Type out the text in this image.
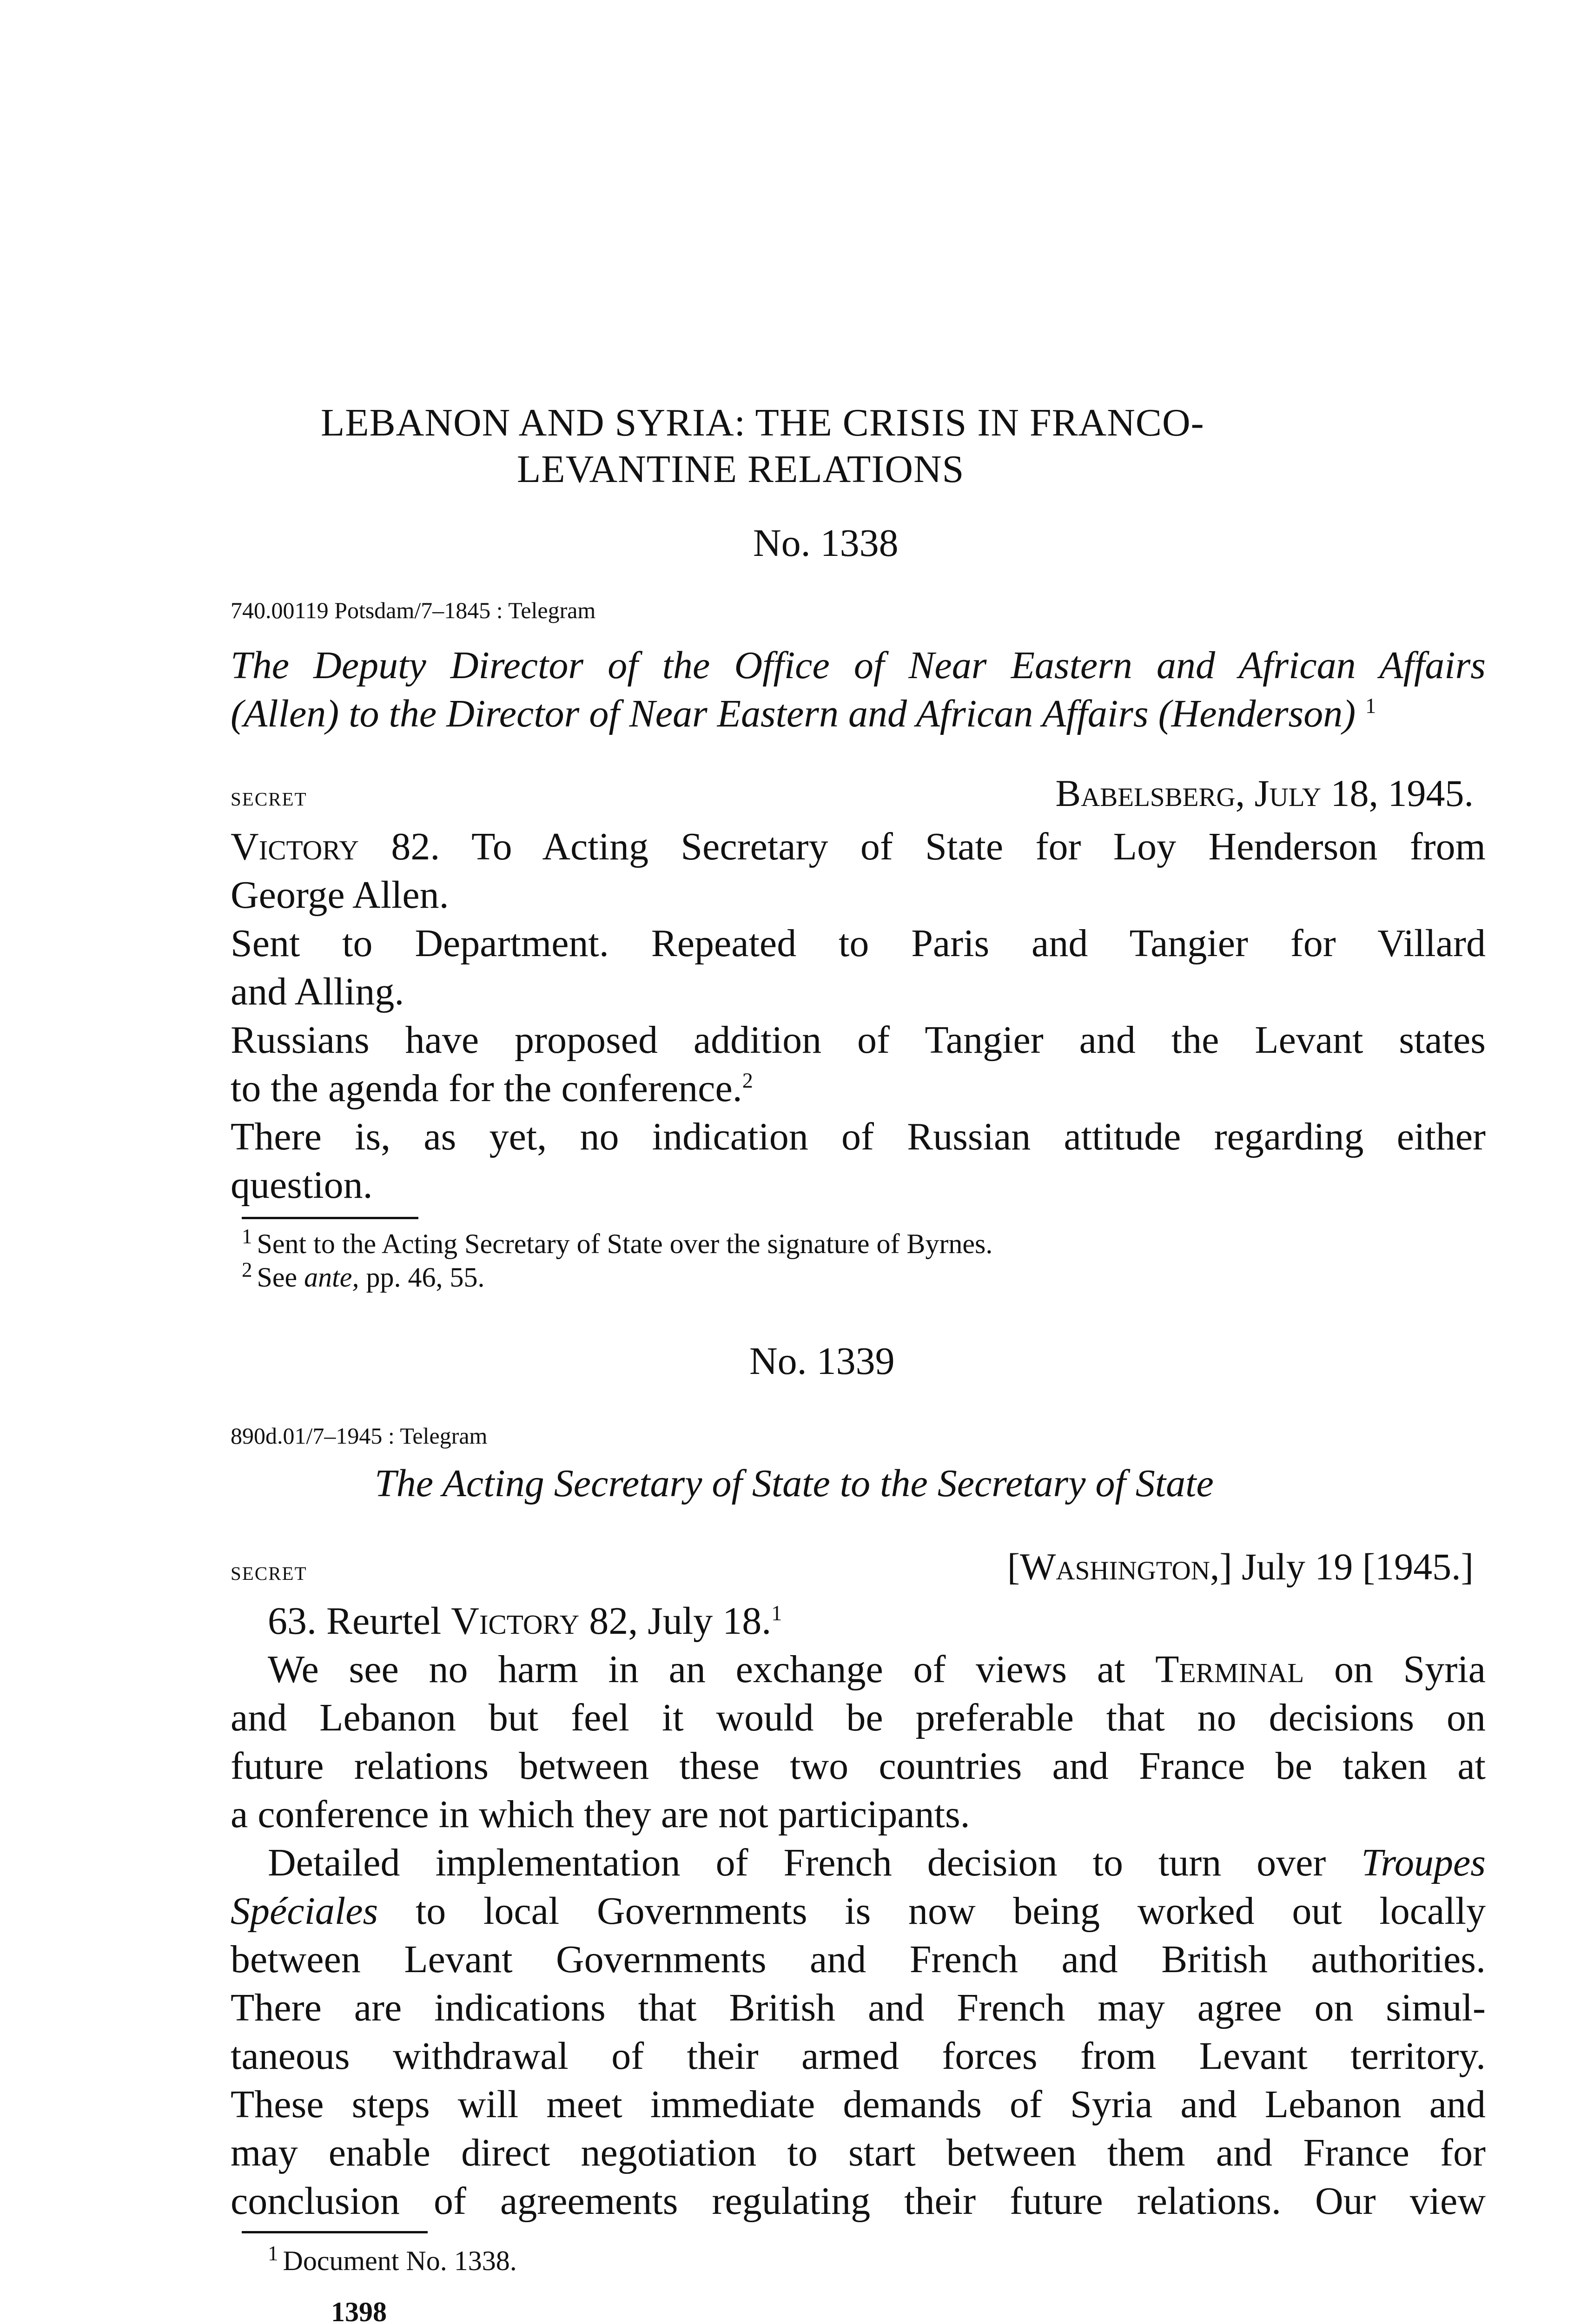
LEBANON AND SYRIA: THE CRISIS IN FRANCO-
LEVANTINE RELATIONS
No. 1338
740.00119 Potsdam/7–1845 : Telegram
The Deputy Director of the Office of Near Eastern and African Affairs
(Allen) to the Director of Near Eastern and African Affairs (Henderson) $^1$
secret	Babelsberg, July 18, 1945.
Victory 82. To Acting Secretary of State for Loy Henderson from
George Allen.
Sent to Department. Repeated to Paris and Tangier for Villard
and Alling.
Russians have proposed addition of Tangier and the Levant states
to the agenda for the conference.$^2$
There is, as yet, no indication of Russian attitude regarding either
question.
$^1$ Sent to the Acting Secretary of State over the signature of Byrnes.
$^2$ See ante, pp. 46, 55.
No. 1339
890d.01/7–1945 : Telegram
The Acting Secretary of State to the Secretary of State
secret	[Washington,] July 19 [1945.]
63. Reurtel Victory 82, July 18.$^1$
We see no harm in an exchange of views at Terminal on Syria
and Lebanon but feel it would be preferable that no decisions on
future relations between these two countries and France be taken at
a conference in which they are not participants.
Detailed implementation of French decision to turn over Troupes
Spéciales to local Governments is now being worked out locally
between Levant Governments and French and British authorities.
There are indications that British and French may agree on simul-
taneous withdrawal of their armed forces from Levant territory.
These steps will meet immediate demands of Syria and Lebanon and
may enable direct negotiation to start between them and France for
conclusion of agreements regulating their future relations. Our view
$^1$ Document No. 1338.
1398
